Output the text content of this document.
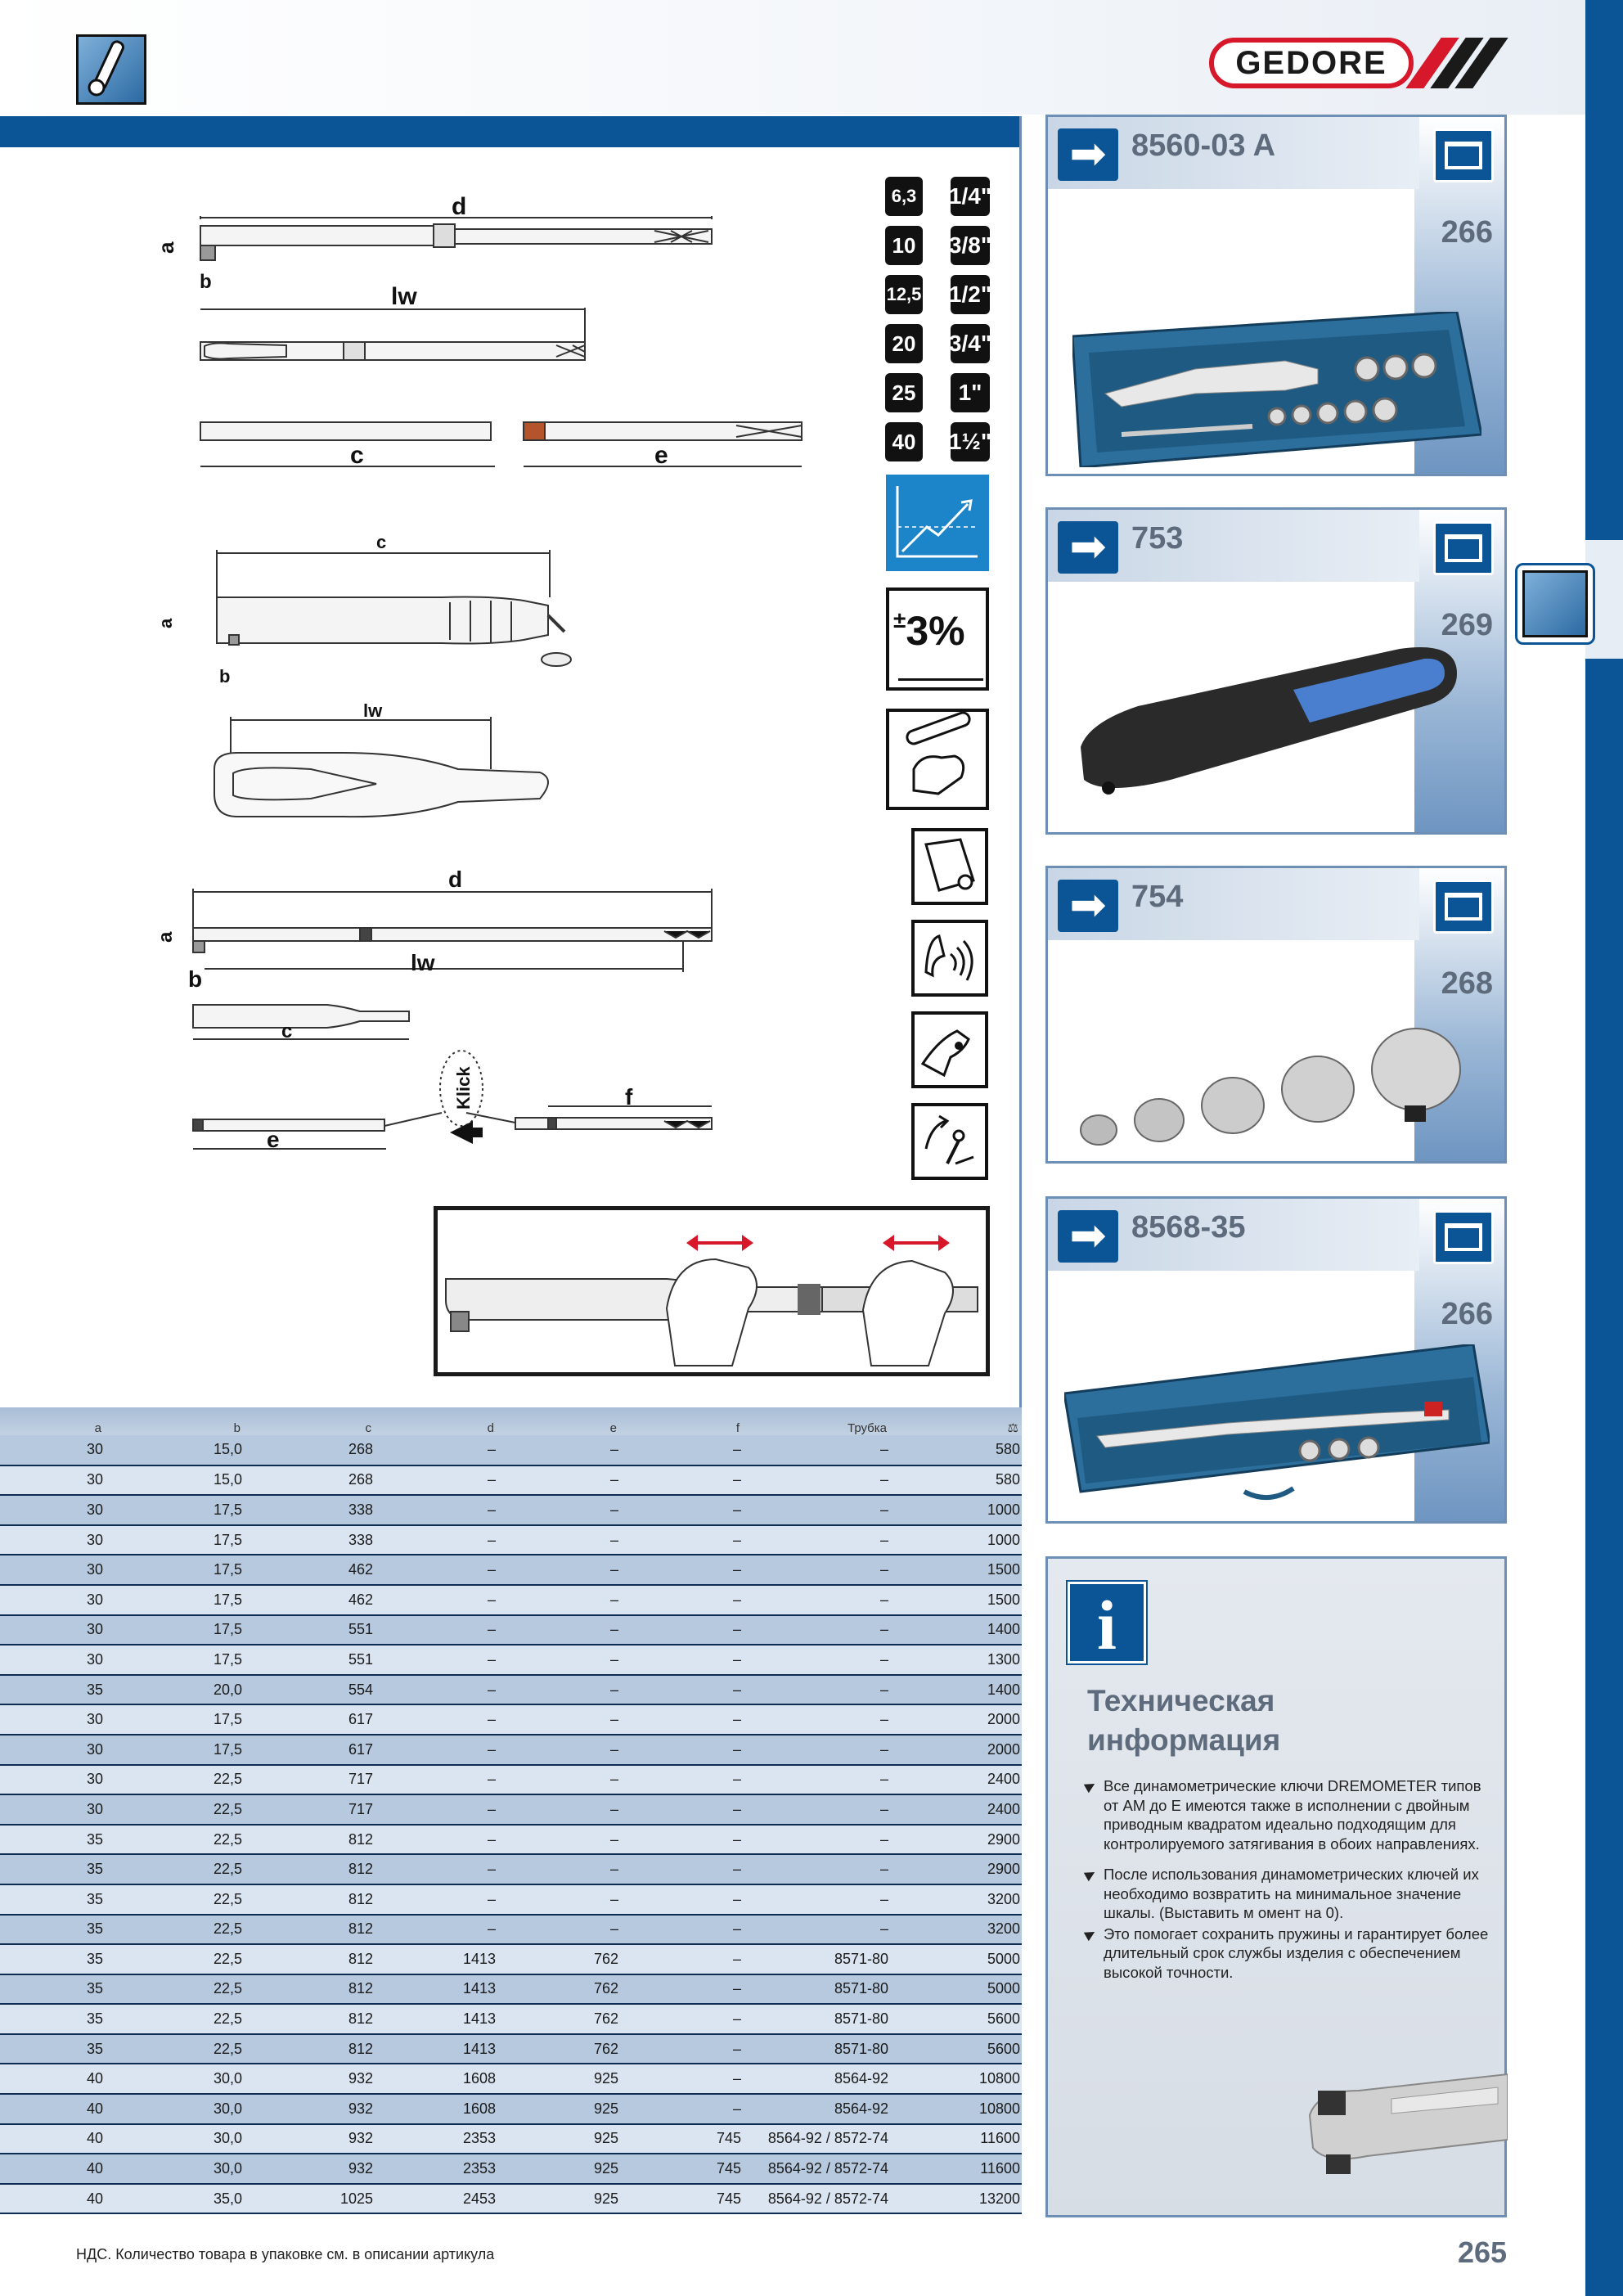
GEDORE
6,3 1/4"
10	3/8"
12,5 1/2"
20	3/4"
25	1"
40	1½"
±3%
d
a
b
lw
c	e
c
a
b
lw
d
a
b
lw
c
e
f
Klick
a	b	c	d	e	f	Трубка	⚖
30	15,0	268	–	–	–	–	580
30	15,0	268	–	–	–	–	580
30	17,5	338	–	–	–	–	1000
30	17,5	338	–	–	–	–	1000
30	17,5	462	–	–	–	–	1500
30	17,5	462	–	–	–	–	1500
30	17,5	551	–	–	–	–	1400
30	17,5	551	–	–	–	–	1300
35	20,0	554	–	–	–	–	1400
30	17,5	617	–	–	–	–	2000
30	17,5	617	–	–	–	–	2000
30	22,5	717	–	–	–	–	2400
30	22,5	717	–	–	–	–	2400
35	22,5	812	–	–	–	–	2900
35	22,5	812	–	–	–	–	2900
35	22,5	812	–	–	–	–	3200
35	22,5	812	–	–	–	–	3200
35	22,5	812	1413	762	–	8571-80	5000
35	22,5	812	1413	762	–	8571-80	5000
35	22,5	812	1413	762	–	8571-80	5600
35	22,5	812	1413	762	–	8571-80	5600
40	30,0	932	1608	925	–	8564-92	10800
40	30,0	932	1608	925	–	8564-92	10800
40	30,0	932	2353	925	745	8564-92 / 8572-74	11600
40	30,0	932	2353	925	745	8564-92 / 8572-74	11600
40	35,0	1025	2453	925	745	8564-92 / 8572-74	13200
➡ 8560-03 A
266
➡ 753
269
➡ 754
268
➡ 8568-35
266
i
Техническая информация
Все динамометрические ключи DREMOMETER типов от AM до E имеются также в исполнении с двойным приводным квадратом идеально подходящим для контролируемого затягивания в обоих направлениях.
После использования динамометрических ключей их необходимо возвратить на минимальное значение шкалы. (Выставить м омент на 0).
Это помогает сохранить пружины и гарантирует более длительный срок службы изделия с обеспечением высокой точности.
НДС. Количество товара в упаковке см. в описании артикула	265
